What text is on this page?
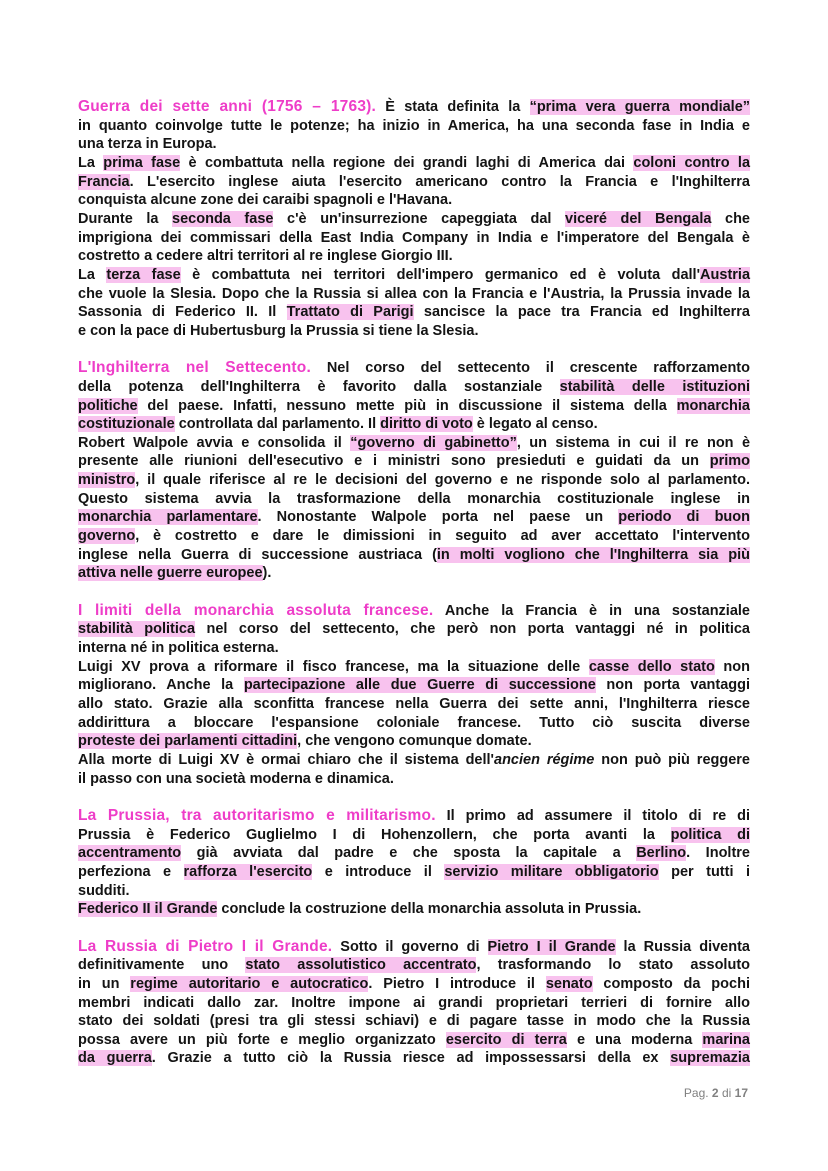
Guerra dei sette anni (1756 – 1763). È stata definita la “prima vera guerra mondiale”
in quanto coinvolge tutte le potenze; ha inizio in America, ha una seconda fase in India e
una terza in Europa.
La prima fase è combattuta nella regione dei grandi laghi di America dai coloni contro la
Francia. L'esercito inglese aiuta l'esercito americano contro la Francia e l'Inghilterra
conquista alcune zone dei caraibi spagnoli e l'Havana.
Durante la seconda fase c'è un'insurrezione capeggiata dal viceré del Bengala che
imprigiona dei commissari della East India Company in India e l'imperatore del Bengala è
costretto a cedere altri territori al re inglese Giorgio III.
La terza fase è combattuta nei territori dell'impero germanico ed è voluta dall'Austria
che vuole la Slesia. Dopo che la Russia si allea con la Francia e l'Austria, la Prussia invade la
Sassonia di Federico II. Il Trattato di Parigi sancisce la pace tra Francia ed Inghilterra
e con la pace di Hubertusburg la Prussia si tiene la Slesia.
L'Inghilterra nel Settecento. Nel corso del settecento il crescente rafforzamento
della potenza dell'Inghilterra è favorito dalla sostanziale stabilità delle istituzioni
politiche del paese. Infatti, nessuno mette più in discussione il sistema della monarchia
costituzionale controllata dal parlamento. Il diritto di voto è legato al censo.
Robert Walpole avvia e consolida il “governo di gabinetto”, un sistema in cui il re non è
presente alle riunioni dell'esecutivo e i ministri sono presieduti e guidati da un primo
ministro, il quale riferisce al re le decisioni del governo e ne risponde solo al parlamento.
Questo sistema avvia la trasformazione della monarchia costituzionale inglese in
monarchia parlamentare. Nonostante Walpole porta nel paese un periodo di buon
governo, è costretto e dare le dimissioni in seguito ad aver accettato l'intervento
inglese nella Guerra di successione austriaca (in molti vogliono che l'Inghilterra sia più
attiva nelle guerre europee).
I limiti della monarchia assoluta francese. Anche la Francia è in una sostanziale
stabilità politica nel corso del settecento, che però non porta vantaggi né in politica
interna né in politica esterna.
Luigi XV prova a riformare il fisco francese, ma la situazione delle casse dello stato non
migliorano. Anche la partecipazione alle due Guerre di successione non porta vantaggi
allo stato. Grazie alla sconfitta francese nella Guerra dei sette anni, l'Inghilterra riesce
addirittura a bloccare l'espansione coloniale francese. Tutto ciò suscita diverse
proteste dei parlamenti cittadini, che vengono comunque domate.
Alla morte di Luigi XV è ormai chiaro che il sistema dell'ancien régime non può più reggere
il passo con una società moderna e dinamica.
La Prussia, tra autoritarismo e militarismo. Il primo ad assumere il titolo di re di
Prussia è Federico Guglielmo I di Hohenzollern, che porta avanti la politica di
accentramento già avviata dal padre e che sposta la capitale a Berlino. Inoltre
perfeziona e rafforza l'esercito e introduce il servizio militare obbligatorio per tutti i
sudditi.
Federico II il Grande conclude la costruzione della monarchia assoluta in Prussia.
La Russia di Pietro I il Grande. Sotto il governo di Pietro I il Grande la Russia diventa
definitivamente uno stato assolutistico accentrato, trasformando lo stato assoluto
in un regime autoritario e autocratico. Pietro I introduce il senato composto da pochi
membri indicati dallo zar. Inoltre impone ai grandi proprietari terrieri di fornire allo
stato dei soldati (presi tra gli stessi schiavi) e di pagare tasse in modo che la Russia
possa avere un più forte e meglio organizzato esercito di terra e una moderna marina
da guerra. Grazie a tutto ciò la Russia riesce ad impossessarsi della ex supremazia
Pag. 2 di 17
